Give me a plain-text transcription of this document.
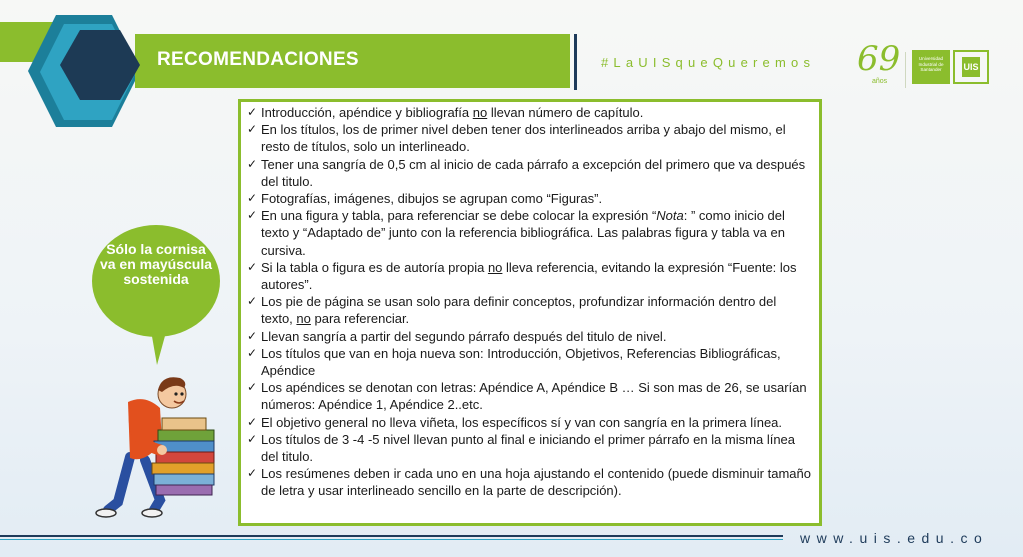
RECOMENDACIONES	#LaUISqueQueremos 69
años
Universidad Industrial de Santander	UIS
✓ Introducción, apéndice y bibliografía no llevan número de capítulo.
✓ En los títulos, los de primer nivel deben tener dos interlineados arriba y abajo del mismo, el resto de títulos, solo un interlineado.
✓ Tener una sangría de 0,5 cm al inicio de cada párrafo a excepción del primero que va después del titulo.
✓ Fotografías, imágenes, dibujos se agrupan como “Figuras”.
✓ En una figura y tabla, para referenciar se debe colocar la expresión “Nota: ” como inicio del texto y “Adaptado de” junto con la referencia bibliográfica. Las palabras figura y tabla va en cursiva.
✓ Si la tabla o figura es de autoría propia no lleva referencia, evitando la expresión “Fuente: los autores”.
✓ Los pie de página se usan solo para definir conceptos, profundizar información dentro del texto, no para referenciar.
✓ Llevan sangría a partir del segundo párrafo después del titulo de nivel.
✓ Los títulos que van en hoja nueva son: Introducción, Objetivos, Referencias Bibliográficas, Apéndice
✓ Los apéndices se denotan con letras: Apéndice A, Apéndice B … Si son mas de 26, se usarían números: Apéndice 1, Apéndice 2..etc.
✓ El objetivo general no lleva viñeta, los específicos sí y van con sangría en la primera línea.
✓ Los títulos de 3 -4 -5 nivel llevan punto al final e iniciando el primer párrafo en la misma línea del titulo.
✓ Los resúmenes deben ir cada uno en una hoja ajustando el contenido (puede disminuir tamaño de letra y usar interlineado sencillo en la parte de descripción).
Sólo la cornisa va en mayúscula sostenida
www.uis.edu.co
